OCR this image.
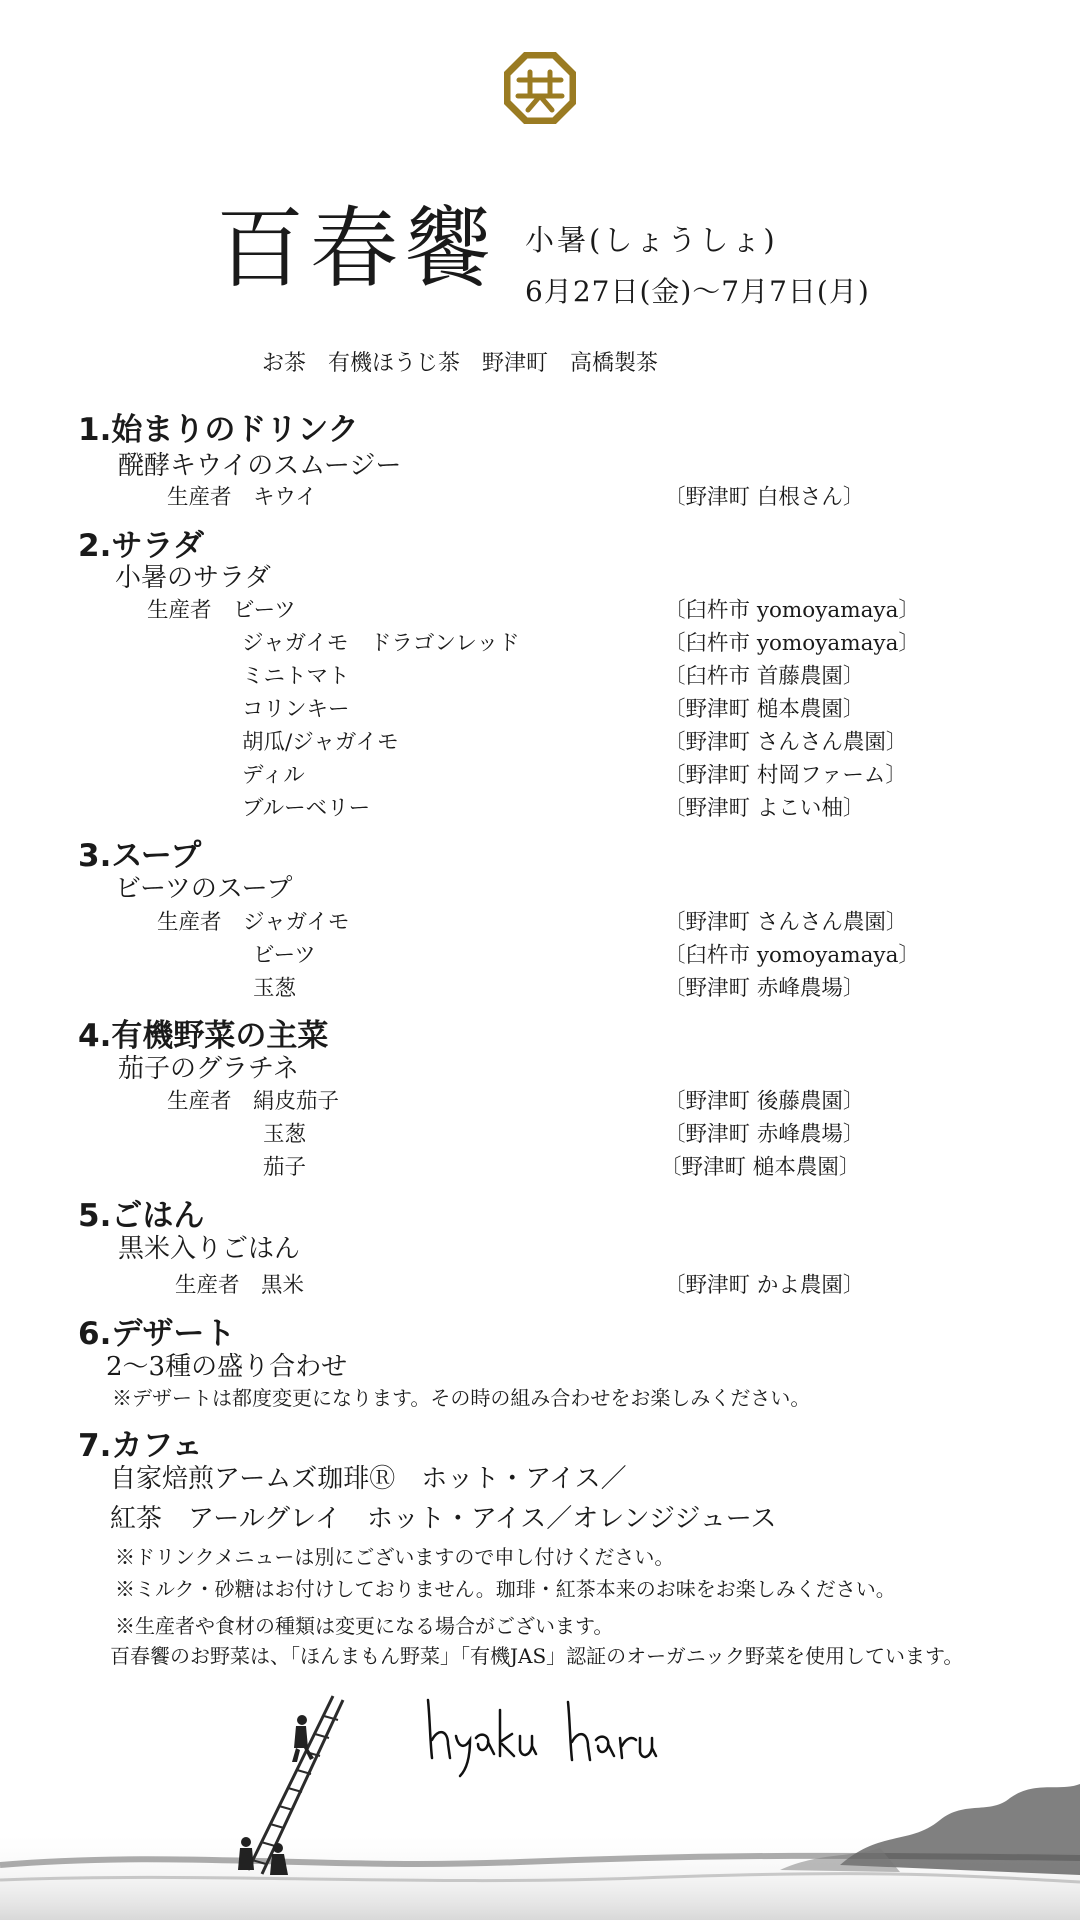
百春饗 小暑(しょうしょ)
6月27日(金)〜7月7日(月)
お茶　有機ほうじ茶　野津町　高橋製茶
1.始まりのドリンク
醗酵キウイのスムージー
生産者　キウイ	〔野津町 白根さん〕
2.サラダ
小暑のサラダ
生産者　ビーツ	〔臼杵市 yomoyamaya〕
ジャガイモ　ドラゴンレッド	〔臼杵市 yomoyamaya〕
ミニトマト	〔臼杵市 首藤農園〕
コリンキー	〔野津町 槌本農園〕
胡瓜/ジャガイモ	〔野津町 さんさん農園〕
ディル	〔野津町 村岡ファーム〕
ブルーベリー	〔野津町 よこい柚〕
3.スープ
ビーツのスープ
生産者　ジャガイモ	〔野津町 さんさん農園〕
ビーツ	〔臼杵市 yomoyamaya〕
玉葱	〔野津町 赤峰農場〕
4.有機野菜の主菜
茄子のグラチネ
生産者　絹皮茄子	〔野津町 後藤農園〕
玉葱	〔野津町 赤峰農場〕
茄子	〔野津町 槌本農園〕
5.ごはん
黒米入りごはん
生産者　黒米	〔野津町 かよ農園〕
6.デザート
2〜3種の盛り合わせ
※デザートは都度変更になります。その時の組み合わせをお楽しみください。
7.カフェ
自家焙煎アームズ珈琲Ⓡ　ホット・アイス／
紅茶　アールグレイ　ホット・アイス／オレンジジュース
※ドリンクメニューは別にございますので申し付けください。
※ミルク・砂糖はお付けしておりません。珈琲・紅茶本来のお味をお楽しみください。
※生産者や食材の種類は変更になる場合がございます。
百春饗のお野菜は、「ほんまもん野菜」「有機JAS」認証のオーガニック野菜を使用しています。
